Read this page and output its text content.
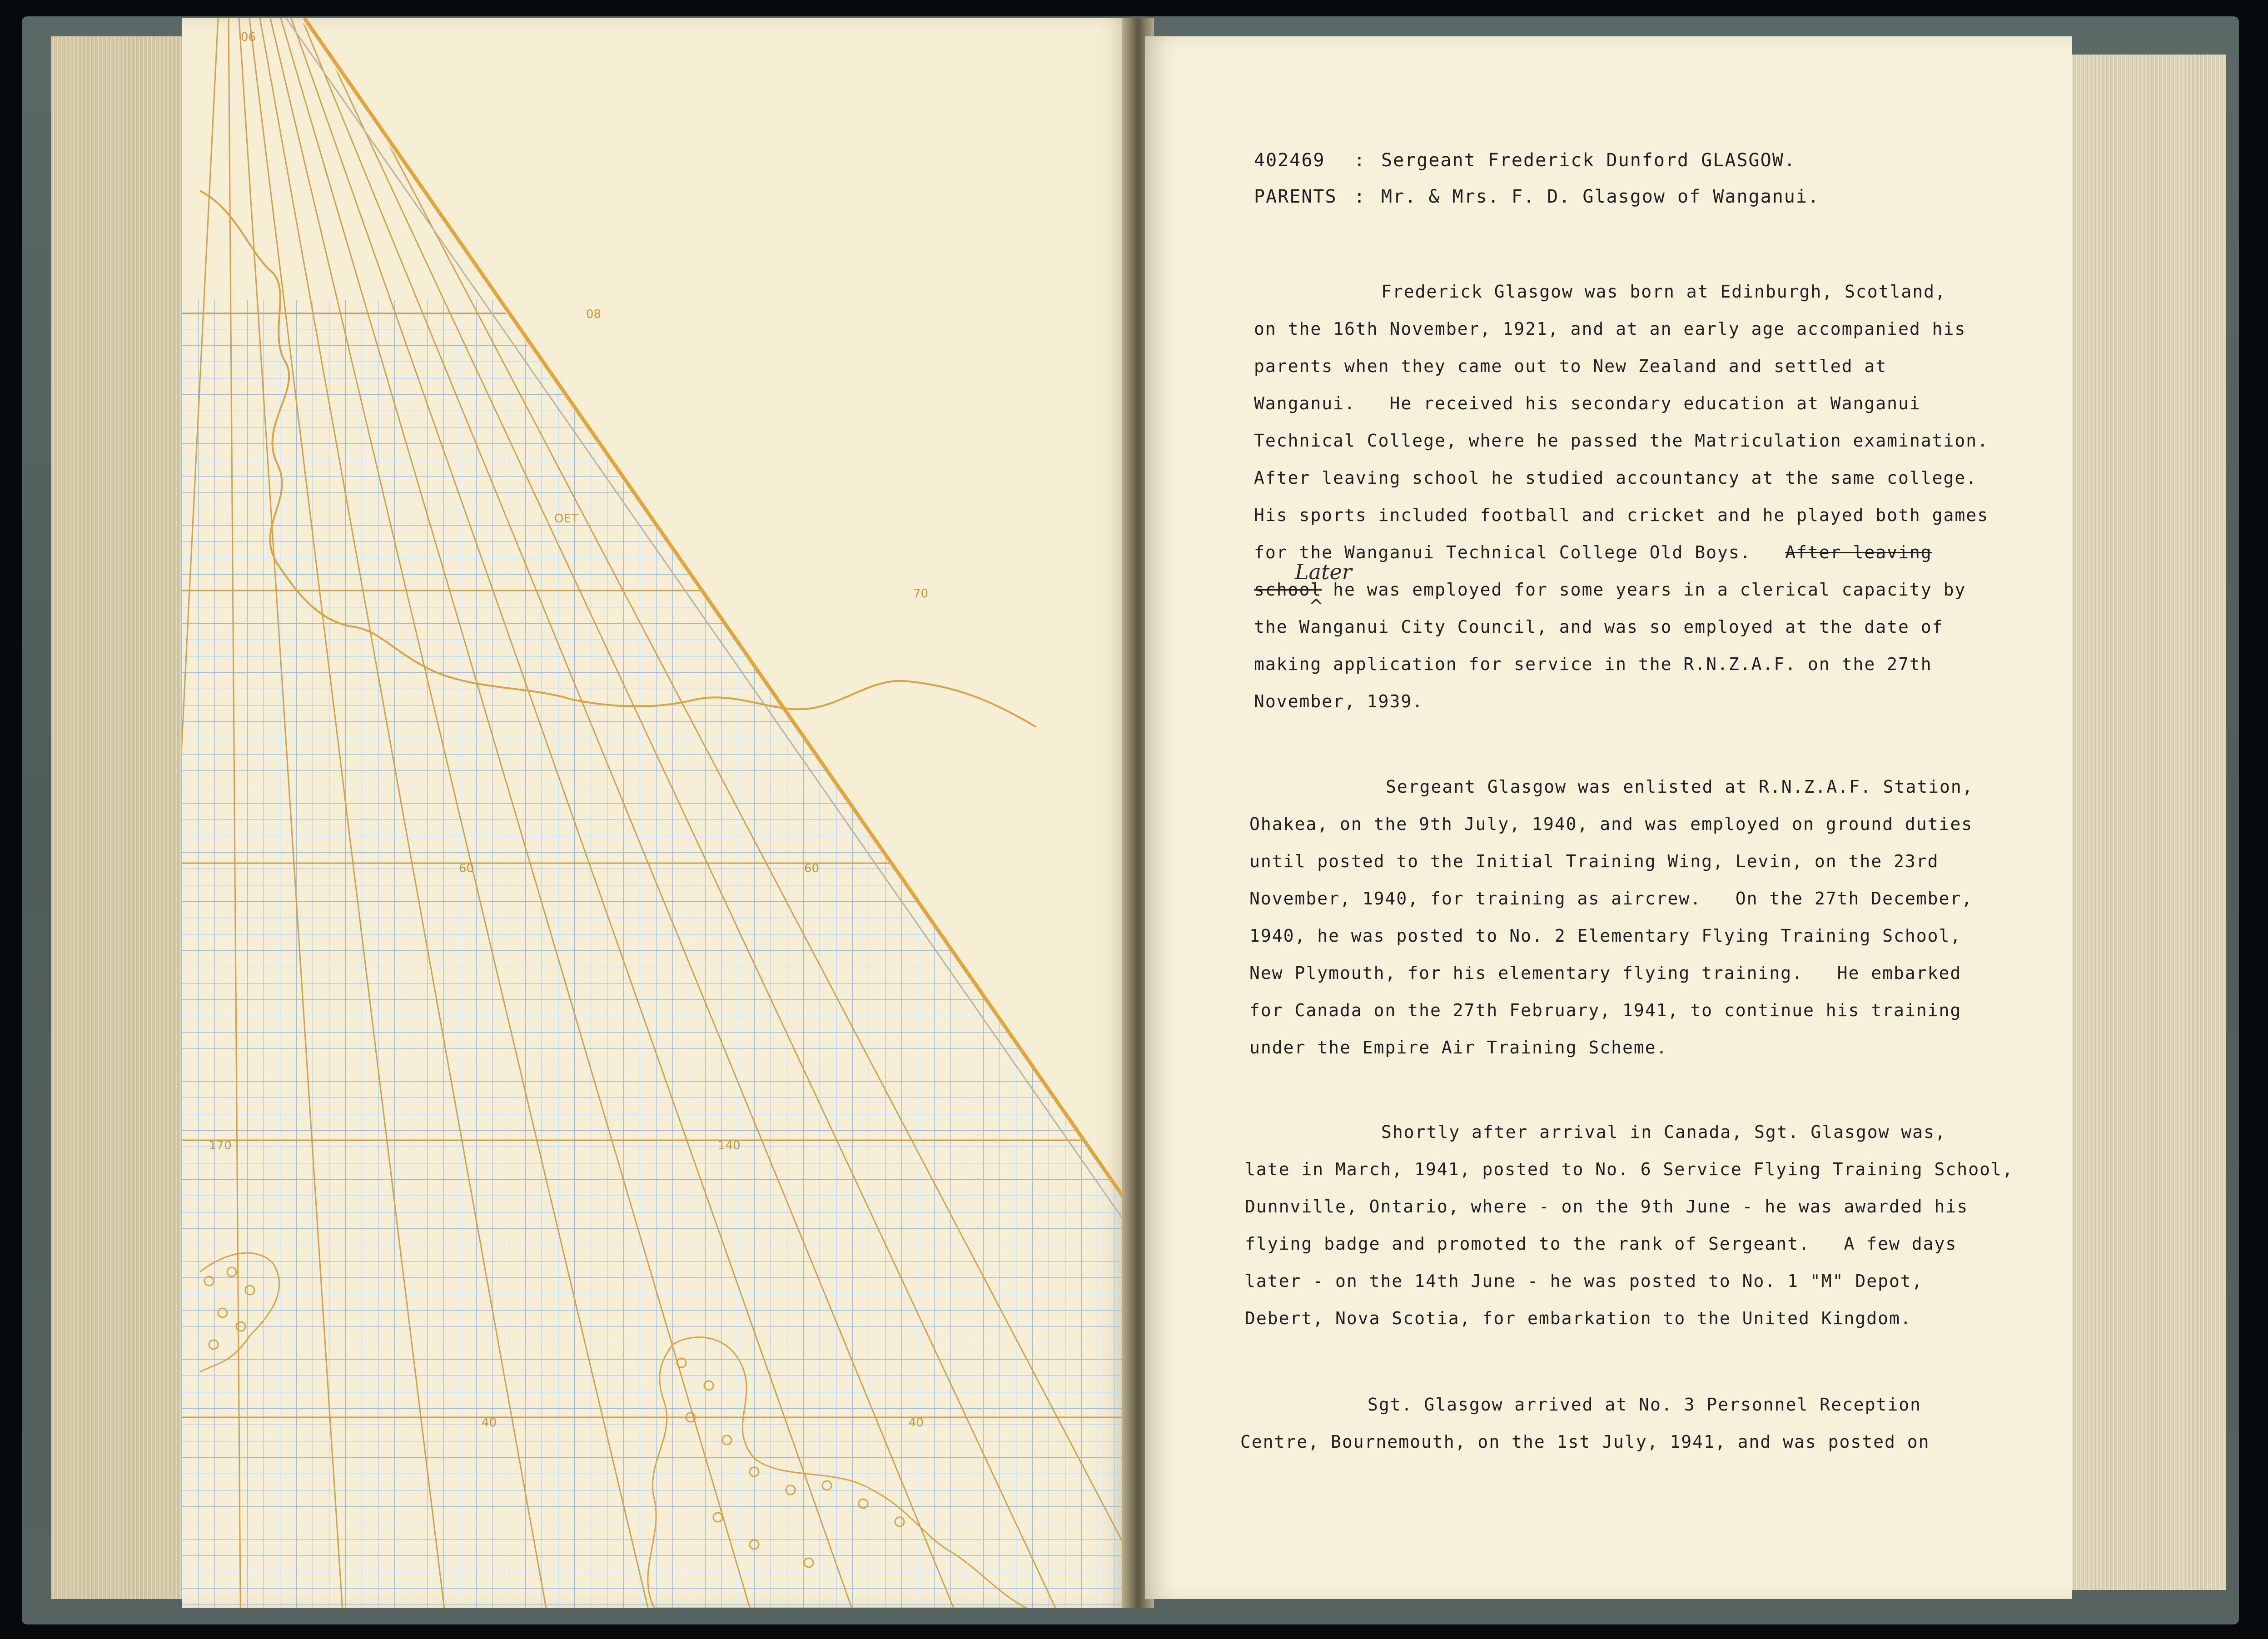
06
08
OET
70
60	60
170	140
40	40
402469 : Sergeant Frederick Dunford GLASGOW.
PARENTS : Mr. & Mrs. F. D. Glasgow of Wanganui.
Frederick Glasgow was born at Edinburgh, Scotland,
on the 16th November, 1921, and at an early age accompanied his
parents when they came out to New Zealand and settled at
Wanganui.   He received his secondary education at Wanganui
Technical College, where he passed the Matriculation examination.
After leaving school he studied accountancy at the same college.
His sports included football and cricket and he played both games
for the Wanganui Technical College Old Boys.   After leaving
Later
^
school he was employed for some years in a clerical capacity by
the Wanganui City Council, and was so employed at the date of
making application for service in the R.N.Z.A.F. on the 27th
November, 1939.
Sergeant Glasgow was enlisted at R.N.Z.A.F. Station,
Ohakea, on the 9th July, 1940, and was employed on ground duties
until posted to the Initial Training Wing, Levin, on the 23rd
November, 1940, for training as aircrew.   On the 27th December,
1940, he was posted to No. 2 Elementary Flying Training School,
New Plymouth, for his elementary flying training.   He embarked
for Canada on the 27th February, 1941, to continue his training
under the Empire Air Training Scheme.
Shortly after arrival in Canada, Sgt. Glasgow was,
late in March, 1941, posted to No. 6 Service Flying Training School,
Dunnville, Ontario, where - on the 9th June - he was awarded his
flying badge and promoted to the rank of Sergeant.   A few days
later - on the 14th June - he was posted to No. 1 "M" Depot,
Debert, Nova Scotia, for embarkation to the United Kingdom.
Sgt. Glasgow arrived at No. 3 Personnel Reception
Centre, Bournemouth, on the 1st July, 1941, and was posted on
